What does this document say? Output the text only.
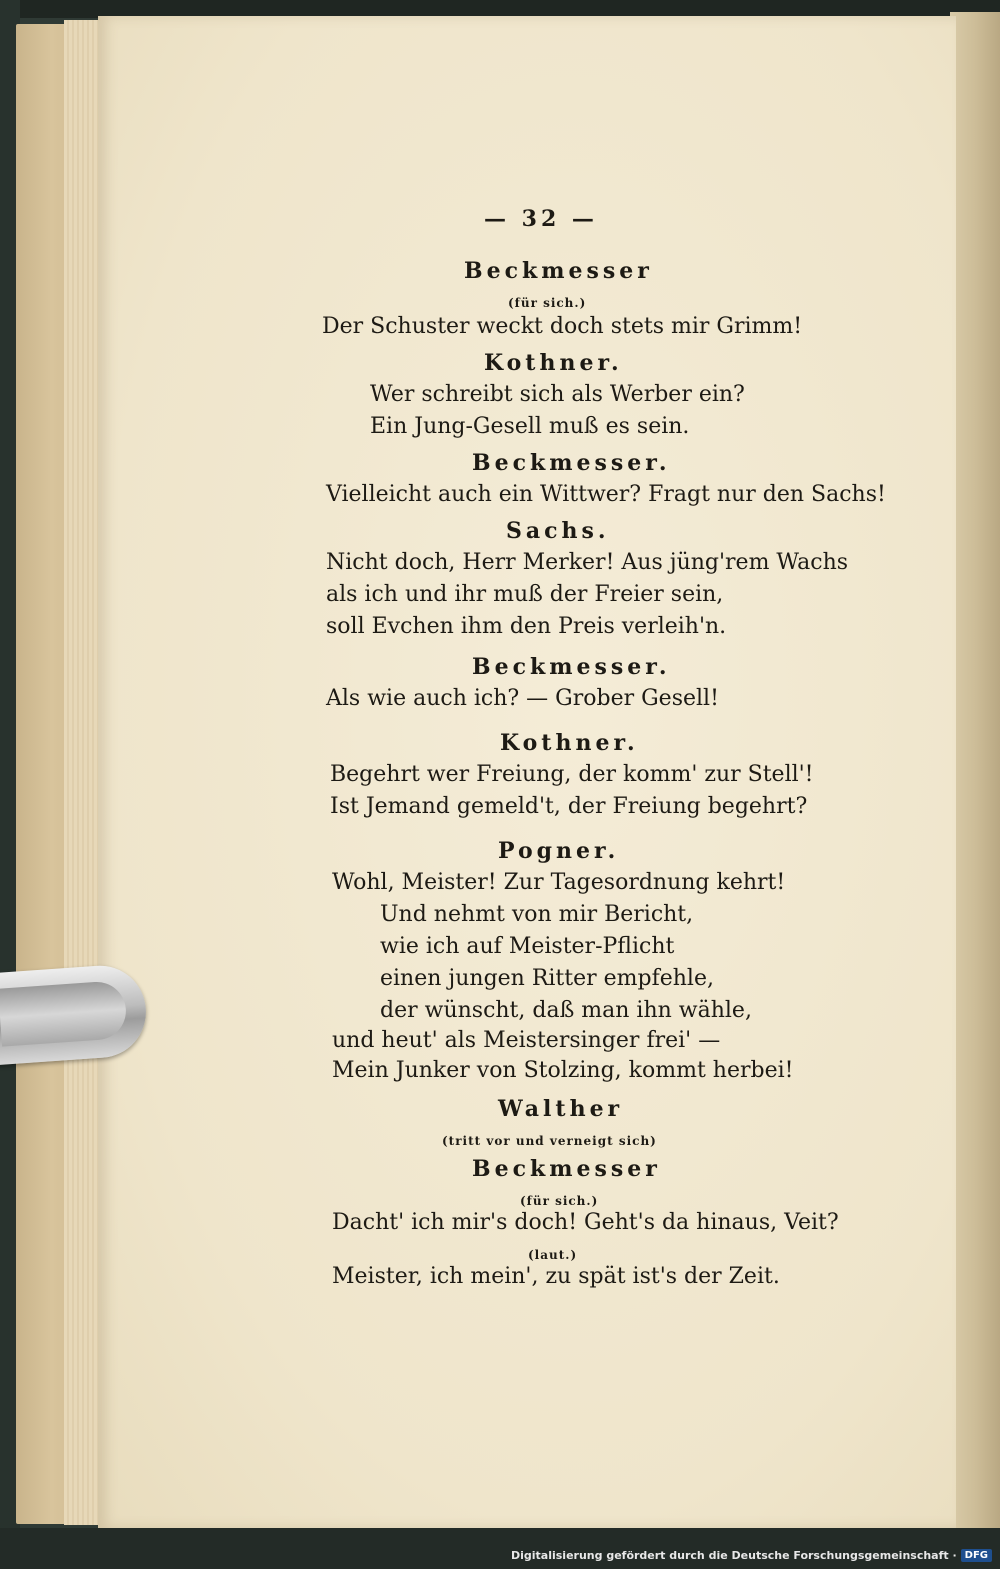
— 32 —
Beckmesser
(für sich.)
Der Schuster weckt doch stets mir Grimm!
Kothner.
Wer schreibt sich als Werber ein?
Ein Jung-Gesell muß es sein.
Beckmesser.
Vielleicht auch ein Wittwer? Fragt nur den Sachs!
Sachs.
Nicht doch, Herr Merker! Aus jüng'rem Wachs
als ich und ihr muß der Freier sein,
soll Evchen ihm den Preis verleih'n.
Beckmesser.
Als wie auch ich? — Grober Gesell!
Kothner.
Begehrt wer Freiung, der komm' zur Stell'!
Ist Jemand gemeld't, der Freiung begehrt?
Pogner.
Wohl, Meister! Zur Tagesordnung kehrt!
Und nehmt von mir Bericht,
wie ich auf Meister-Pflicht
einen jungen Ritter empfehle,
der wünscht, daß man ihn wähle,
und heut' als Meistersinger frei' —
Mein Junker von Stolzing, kommt herbei!
Walther
(tritt vor und verneigt sich)
Beckmesser
(für sich.)
Dacht' ich mir's doch! Geht's da hinaus, Veit?
(laut.)
Meister, ich mein', zu spät ist's der Zeit.
Digitalisierung gefördert durch die Deutsche Forschungsgemeinschaft · DFG
